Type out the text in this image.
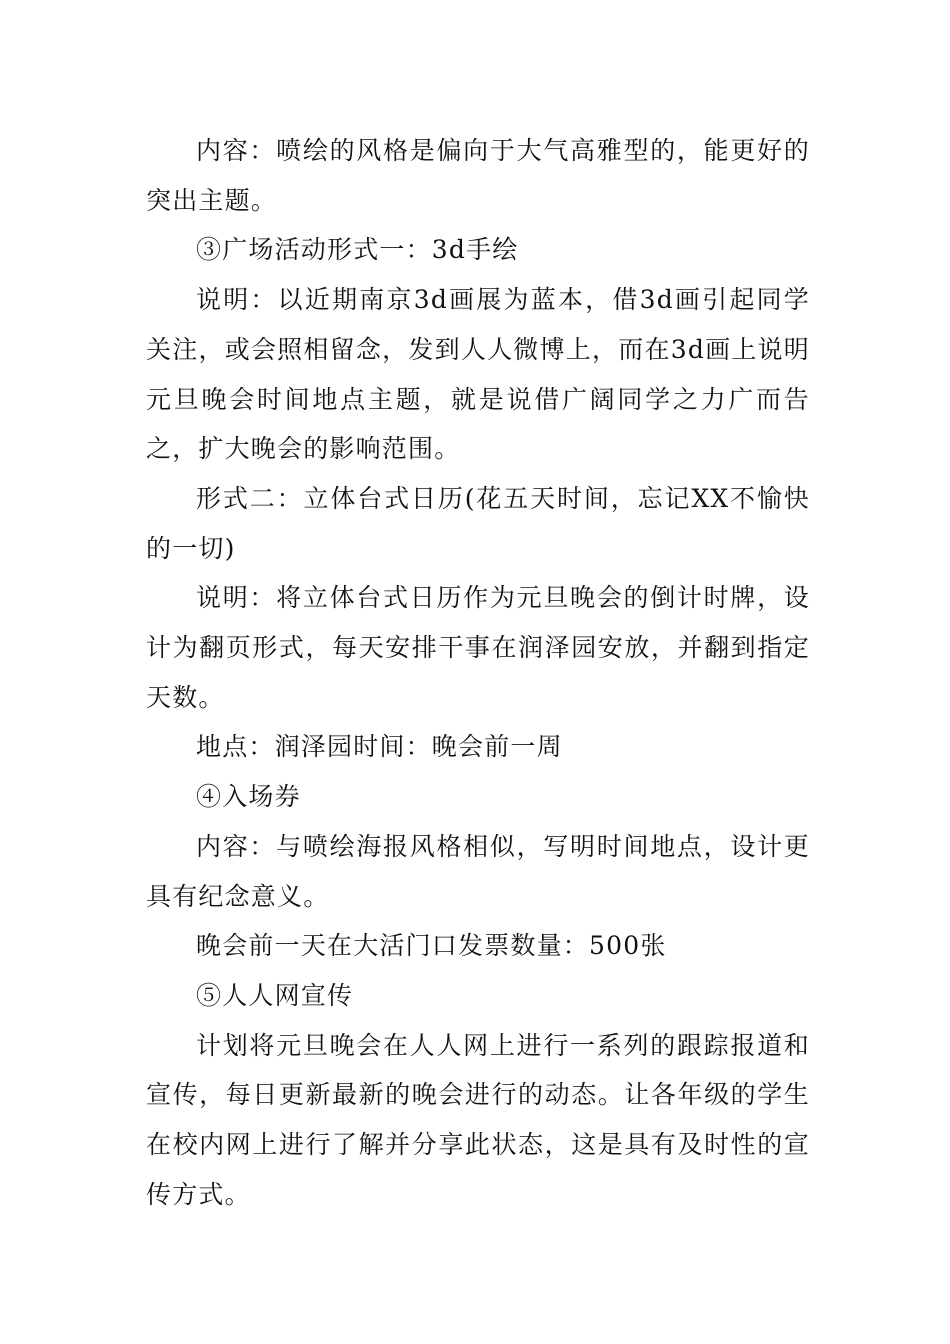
内容：喷绘的风格是偏向于大气高雅型的，能更好的突出主题。

③广场活动形式一：3d手绘

说明：以近期南京3d画展为蓝本，借3d画引起同学关注，或会照相留念，发到人人微博上，而在3d画上说明元旦晚会时间地点主题，就是说借广阔同学之力广而告之，扩大晚会的影响范围。

形式二：立体台式日历(花五天时间，忘记XX不愉快的一切)

说明：将立体台式日历作为元旦晚会的倒计时牌，设计为翻页形式，每天安排干事在润泽园安放，并翻到指定天数。

地点：润泽园时间：晚会前一周

④入场券

内容：与喷绘海报风格相似，写明时间地点，设计更具有纪念意义。

晚会前一天在大活门口发票数量：500张

⑤人人网宣传

计划将元旦晚会在人人网上进行一系列的跟踪报道和宣传，每日更新最新的晚会进行的动态。让各年级的学生在校内网上进行了解并分享此状态，这是具有及时性的宣传方式。
